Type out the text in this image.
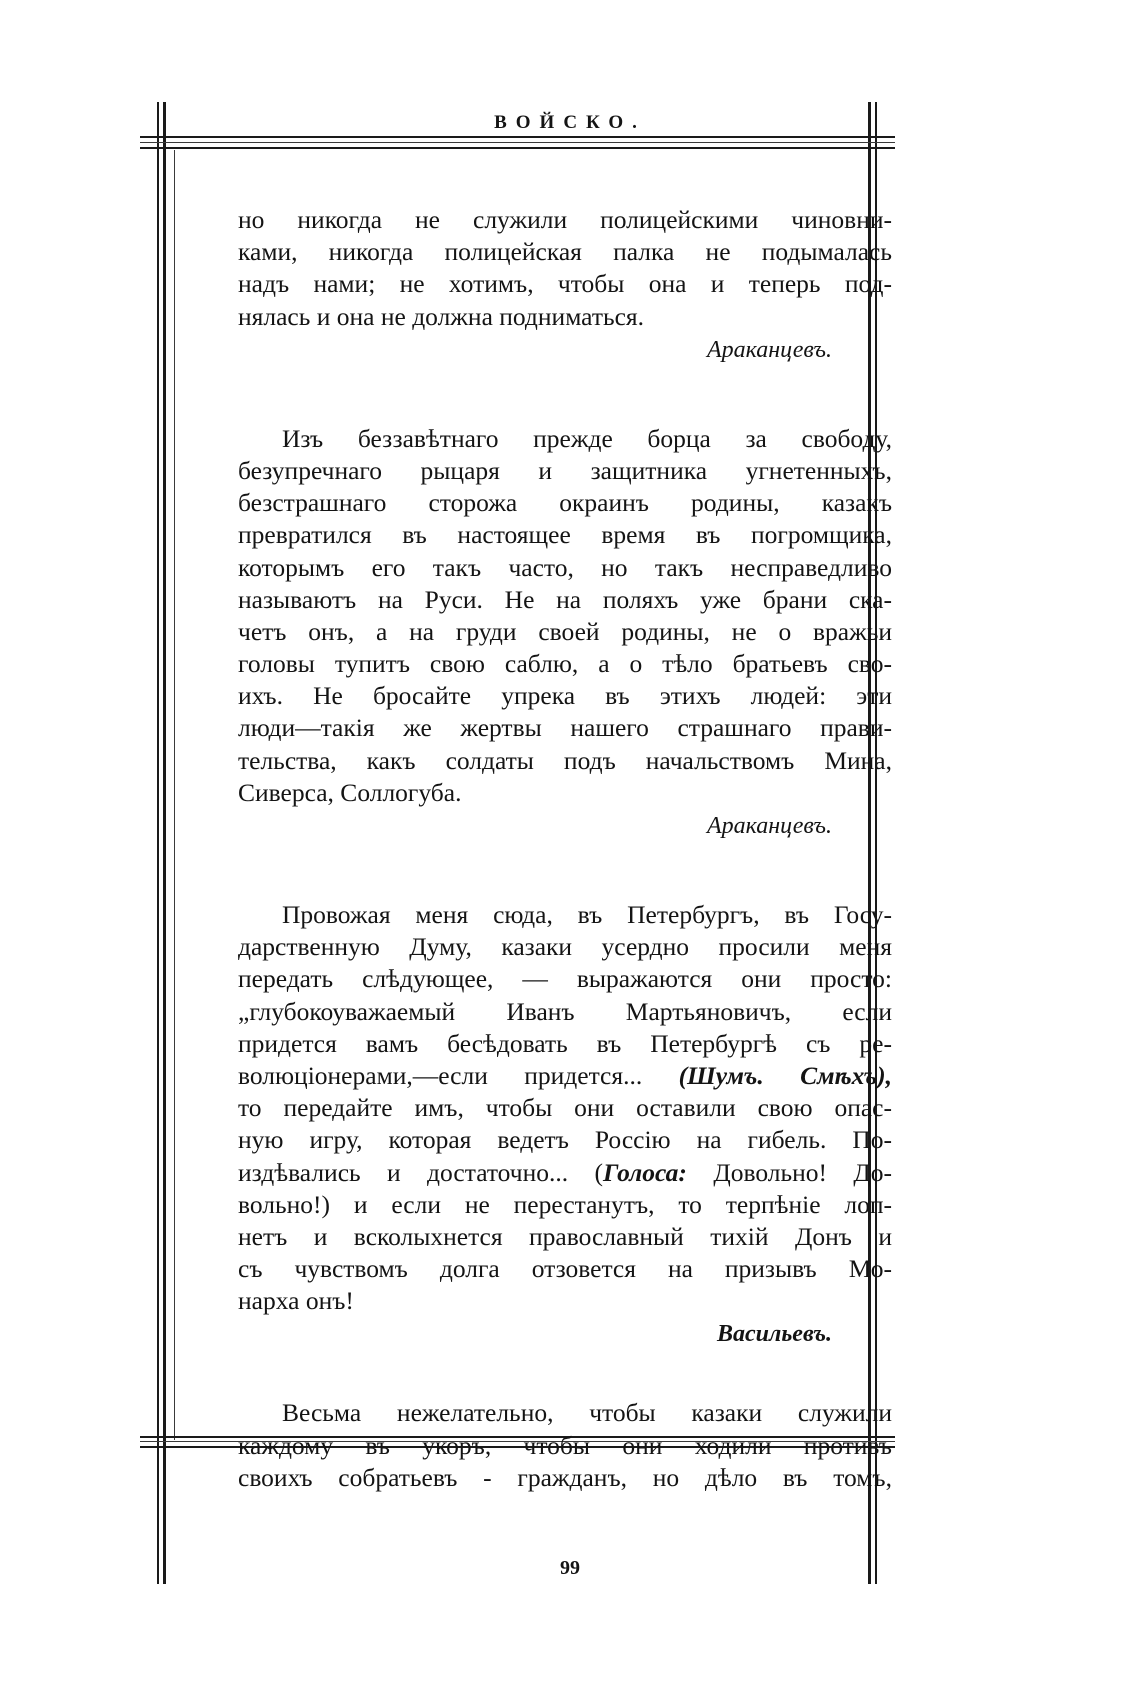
ВОЙСКО.
но никогда не служили полицейскими чиновни-
ками, никогда полицейская палка не подымалась
надъ нами; не хотимъ, чтобы она и теперь под-
нялась и она не должна подниматься.
Араканцевъ.
Изъ беззавѣтнаго прежде борца за свободу,
безупречнаго рыцаря и защитника угнетенныхъ,
безстрашнаго сторожа окраинъ родины, казакъ
превратился въ настоящее время въ погромщика,
которымъ его такъ часто, но такъ несправедливо
называютъ на Руси. Не на поляхъ уже брани ска-
четъ онъ, а на груди своей родины, не о вражьи
головы тупитъ свою саблю, а о тѣло братьевъ сво-
ихъ. Не бросайте упрека въ этихъ людей: эти
люди—такія же жертвы нашего страшнаго прави-
тельства, какъ солдаты подъ начальствомъ Мина,
Сиверса, Соллогуба.
Араканцевъ.
Провожая меня сюда, въ Петербургъ, въ Госу-
дарственную Думу, казаки усердно просили меня
передать слѣдующее, — выражаются они просто:
„глубокоуважаемый Иванъ Мартьяновичъ, если
придется вамъ бесѣдовать въ Петербургѣ съ ре-
волюціонерами,—если придется... (Шумъ. Смѣхъ),
то передайте имъ, чтобы они оставили свою опас-
ную игру, которая ведетъ Россію на гибель. По-
издѣвались и достаточно... (Голоса: Довольно! До-
вольно!) и если не перестанутъ, то терпѣніе лоп-
нетъ и всколыхнется православный тихій Донъ и
съ чувствомъ долга отзовется на призывъ Мо-
нарха онъ!
Васильевъ.
Весьма нежелательно, чтобы казаки служили
каждому въ укоръ, чтобы они ходили противъ
своихъ собратьевъ - гражданъ, но дѣло въ томъ,
99
